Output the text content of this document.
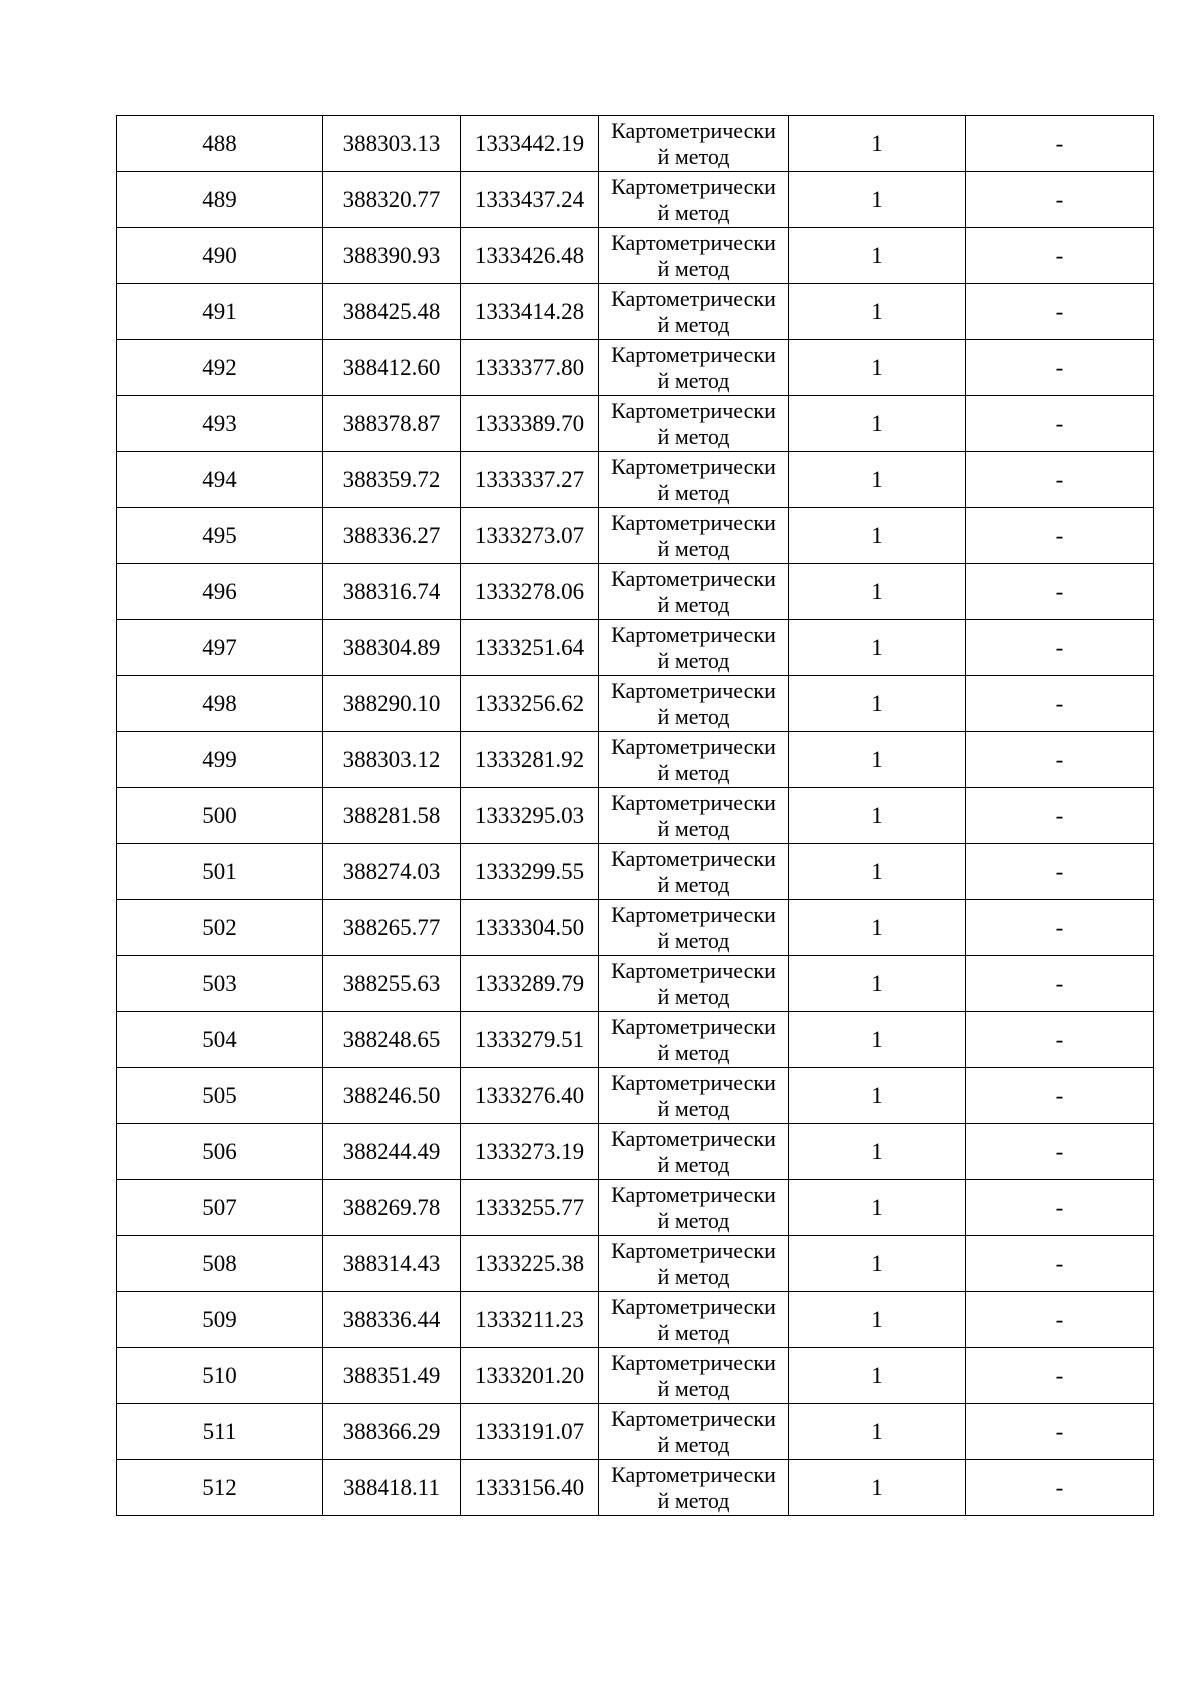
488	388303.13	1333442.19	Картометрически
й метод	1	-
489	388320.77	1333437.24	Картометрически
й метод	1	-
490	388390.93	1333426.48	Картометрически
й метод	1	-
491	388425.48	1333414.28	Картометрически
й метод	1	-
492	388412.60	1333377.80	Картометрически
й метод	1	-
493	388378.87	1333389.70	Картометрически
й метод	1	-
494	388359.72	1333337.27	Картометрически
й метод	1	-
495	388336.27	1333273.07	Картометрически
й метод	1	-
496	388316.74	1333278.06	Картометрически
й метод	1	-
497	388304.89	1333251.64	Картометрически
й метод	1	-
498	388290.10	1333256.62	Картометрически
й метод	1	-
499	388303.12	1333281.92	Картометрически
й метод	1	-
500	388281.58	1333295.03	Картометрически
й метод	1	-
501	388274.03	1333299.55	Картометрически
й метод	1	-
502	388265.77	1333304.50	Картометрически
й метод	1	-
503	388255.63	1333289.79	Картометрически
й метод	1	-
504	388248.65	1333279.51	Картометрически
й метод	1	-
505	388246.50	1333276.40	Картометрически
й метод	1	-
506	388244.49	1333273.19	Картометрически
й метод	1	-
507	388269.78	1333255.77	Картометрически
й метод	1	-
508	388314.43	1333225.38	Картометрически
й метод	1	-
509	388336.44	1333211.23	Картометрически
й метод	1	-
510	388351.49	1333201.20	Картометрически
й метод	1	-
511	388366.29	1333191.07	Картометрически
й метод	1	-
512	388418.11	1333156.40	Картометрически
й метод	1	-
